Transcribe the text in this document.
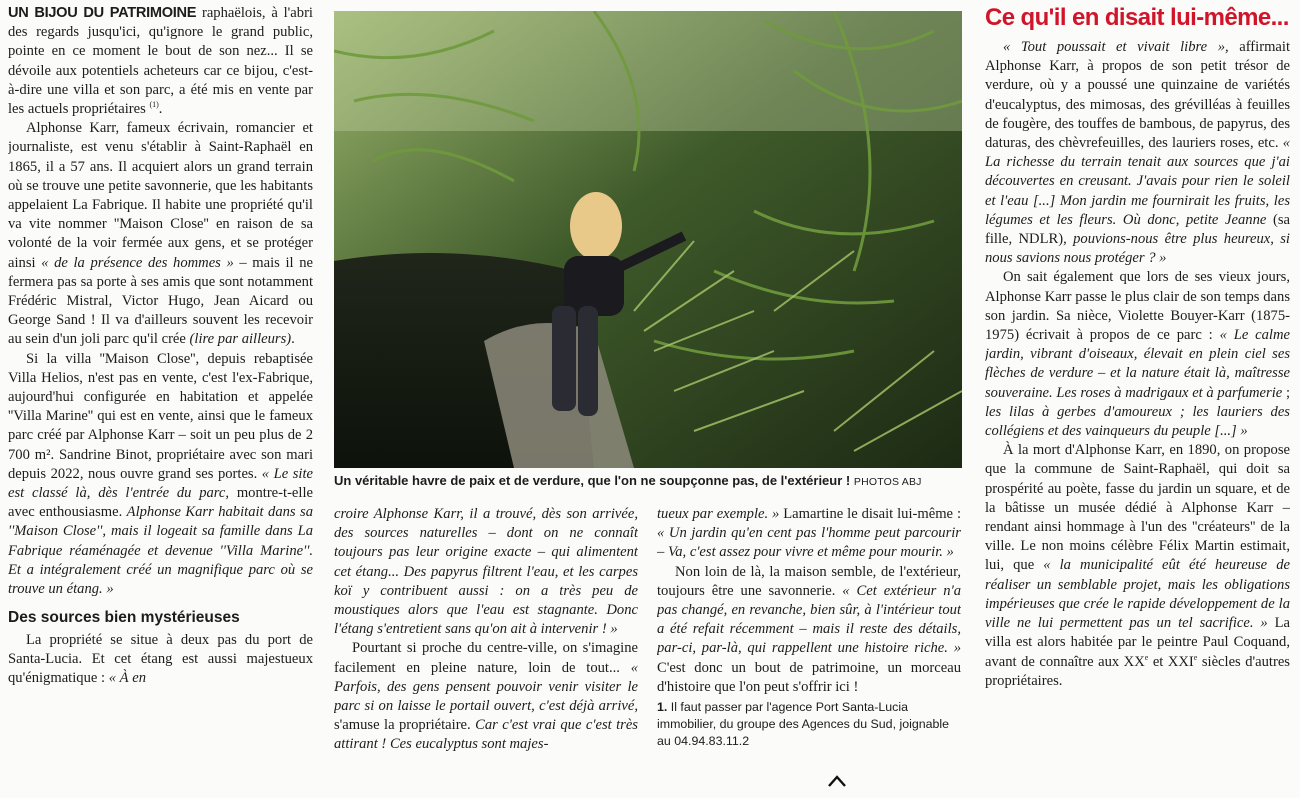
UN BIJOU DU PATRIMOINE raphaëlois, à l'abri des regards jusqu'ici, qu'ignore le grand public, pointe en ce moment le bout de son nez... Il se dévoile aux potentiels acheteurs car ce bijou, c'est-à-dire une villa et son parc, a été mis en vente par les actuels propriétaires $^{(1)}$.

Alphonse Karr, fameux écrivain, romancier et journaliste, est venu s'établir à Saint-Raphaël en 1865, il a 57 ans. Il acquiert alors un grand terrain où se trouve une petite savonnerie, que les habitants appelaient La Fabrique. Il habite une propriété qu'il va vite nommer ''Maison Close'' en raison de sa volonté de la voir fermée aux gens, et se protéger ainsi « de la présence des hommes » – mais il ne fermera pas sa porte à ses amis que sont notamment Frédéric Mistral, Victor Hugo, Jean Aicard ou George Sand ! Il va d'ailleurs souvent les recevoir au sein d'un joli parc qu'il crée (lire par ailleurs).

Si la villa ''Maison Close'', depuis rebaptisée Villa Helios, n'est pas en vente, c'est l'ex-Fabrique, aujourd'hui configurée en habitation et appelée ''Villa Marine'' qui est en vente, ainsi que le fameux parc créé par Alphonse Karr – soit un peu plus de 2 700 m². Sandrine Binot, propriétaire avec son mari depuis 2022, nous ouvre grand ses portes. « Le site est classé là, dès l'entrée du parc, montre-t-elle avec enthousiasme. Alphonse Karr habitait dans sa ''Maison Close'', mais il logeait sa famille dans La Fabrique réaménagée et devenue ''Villa Marine''. Et a intégralement créé un magnifique parc où se trouve un étang. »

Des sources bien mystérieuses

La propriété se situe à deux pas du port de Santa-Lucia. Et cet étang est aussi majestueux qu'énigmatique : « À en

Un véritable havre de paix et de verdure, que l'on ne soupçonne pas, de l'extérieur ! PHOTOS ABJ

croire Alphonse Karr, il a trouvé, dès son arrivée, des sources naturelles – dont on ne connaît toujours pas leur origine exacte – qui alimentent cet étang... Des papyrus filtrent l'eau, et les carpes koï y contribuent aussi : on a très peu de moustiques alors que l'eau est stagnante. Donc l'étang s'entretient sans qu'on ait à intervenir ! »

Pourtant si proche du centre-ville, on s'imagine facilement en pleine nature, loin de tout... « Parfois, des gens pensent pouvoir venir visiter le parc si on laisse le portail ouvert, c'est déjà arrivé, s'amuse la propriétaire. Car c'est vrai que c'est très attirant ! Ces eucalyptus sont majes-

tueux par exemple. » Lamartine le disait lui-même : « Un jardin qu'en cent pas l'homme peut parcourir – Va, c'est assez pour vivre et même pour mourir. »

Non loin de là, la maison semble, de l'extérieur, toujours être une savonnerie. « Cet extérieur n'a pas changé, en revanche, bien sûr, à l'intérieur tout a été refait récemment – mais il reste des détails, par-ci, par-là, qui rappellent une histoire riche. » C'est donc un bout de patrimoine, un morceau d'histoire que l'on peut s'offrir ici !

1. Il faut passer par l'agence Port Santa-Lucia immobilier, du groupe des Agences du Sud, joignable au 04.94.83.11.2
Ce qu'il en disait lui-même...

« Tout poussait et vivait libre », affirmait Alphonse Karr, à propos de son petit trésor de verdure, où y a poussé une quinzaine de variétés d'eucalyptus, des mimosas, des grévilléas à feuilles de fougère, des touffes de bambous, de papyrus, des daturas, des chèvrefeuilles, des lauriers roses, etc. « La richesse du terrain tenait aux sources que j'ai découvertes en creusant. J'avais pour rien le soleil et l'eau [...] Mon jardin me fournirait les fruits, les légumes et les fleurs. Où donc, petite Jeanne (sa fille, NDLR), pouvions-nous être plus heureux, si nous savions nous protéger ? »

On sait également que lors de ses vieux jours, Alphonse Karr passe le plus clair de son temps dans son jardin. Sa nièce, Violette Bouyer-Karr (1875-1975) écrivait à propos de ce parc : « Le calme jardin, vibrant d'oiseaux, élevait en plein ciel ses flèches de verdure – et la nature était là, maîtresse souveraine. Les roses à madrigaux et à parfumerie ; les lilas à gerbes d'amoureux ; les lauriers des collégiens et des vainqueurs du peuple [...] »

À la mort d'Alphonse Karr, en 1890, on propose que la commune de Saint-Raphaël, qui doit sa prospérité au poète, fasse du jardin un square, et de la bâtisse un musée dédié à Alphonse Karr – rendant ainsi hommage à l'un des ''créateurs'' de la ville. Le non moins célèbre Félix Martin estimait, lui, que « la municipalité eût été heureuse de réaliser un semblable projet, mais les obligations impérieuses que crée le rapide développement de la ville ne lui permettent pas un tel sacrifice. » La villa est alors habitée par le peintre Paul Coquand, avant de connaître aux XXe et XXIe siècles d'autres propriétaires.
